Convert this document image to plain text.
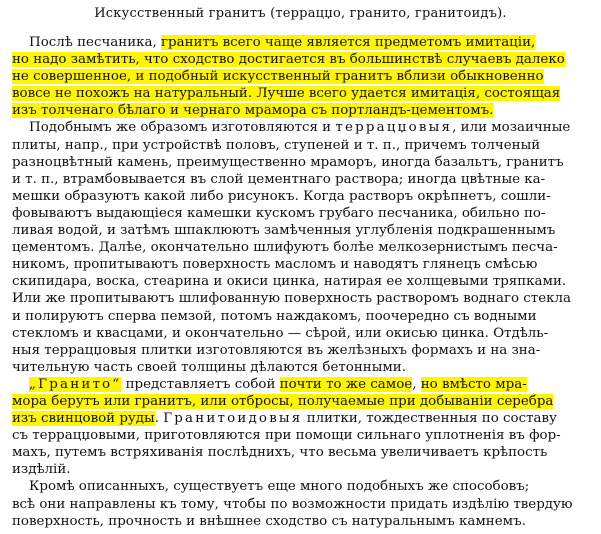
Искусственный гранитъ (террацџо, гранито, гранитоидъ).
Послѣ песчаника, гранитъ всего чаще является предметомъ имитаціи,
но надо замѣтить, что сходство достигается въ большинствѣ случаевъ далеко
не совершенное, и подобный искусственный гранитъ вблизи обыкновенно
вовсе не похожъ на натуральный. Лучше всего удается имитація, состоящая
изъ толченаго бѣлаго и чернаго мрамора съ портландъ-цементомъ.
Подобнымъ же образомъ изготовляются и террацџовыя, или мозаичные
плиты, напр., при устройствѣ половъ, ступеней и т. п., причемъ толченый
разноцвѣтный камень, преимущественно мраморъ, иногда базальтъ, гранитъ
и т. п., втрамбовывается въ слой цементнаго раствора; иногда цвѣтные ка-
мешки образуютъ какой либо рисунокъ. Когда растворъ окрѣпнетъ, сошли-
фовываютъ выдающіеся камешки кускомъ грубаго песчаника, обильно по-
ливая водой, и затѣмъ шпаклюютъ замѣченныя углубленія подкрашеннымъ
цементомъ. Далѣе, окончательно шлифуютъ болѣе мелкозернистымъ песча-
никомъ, пропитываютъ поверхность масломъ и наводятъ глянецъ смѣсью
скипидара, воска, стеарина и окиси цинка, натирая ее холщевыми тряпками.
Или же пропитываютъ шлифованную поверхность растворомъ воднаго стекла
и полируютъ сперва пемзой, потомъ наждакомъ, поочередно съ водными
стекломъ и квасцами, и окончательно — сѣрой, или окисью цинка. Отдѣль-
ныя террацџовыя плитки изготовляются въ желѣзныхъ формахъ и на зна-
чительную часть своей толщины дѣлаются бетонными.
„Гранито“ представляетъ собой почти то же самое, но вмѣсто мра-
мора берутъ или гранитъ, или отбросы, получаемые при добываніи серебра
изъ свинцовой руды. Гранитоидовыя плитки, тождественныя по составу
съ террацџовыми, приготовляются при помощи сильнаго уплотненія въ фор-
махъ, путемъ встряхиванія послѣднихъ, что весьма увеличиваетъ крѣпость
издѣлій.
Кромѣ описанныхъ, существуетъ еще много подобныхъ же способовъ;
всѣ они направлены къ тому, чтобы по возможности придать издѣлію твердую
поверхность, прочность и внѣшнее сходство съ натуральнымъ камнемъ.
